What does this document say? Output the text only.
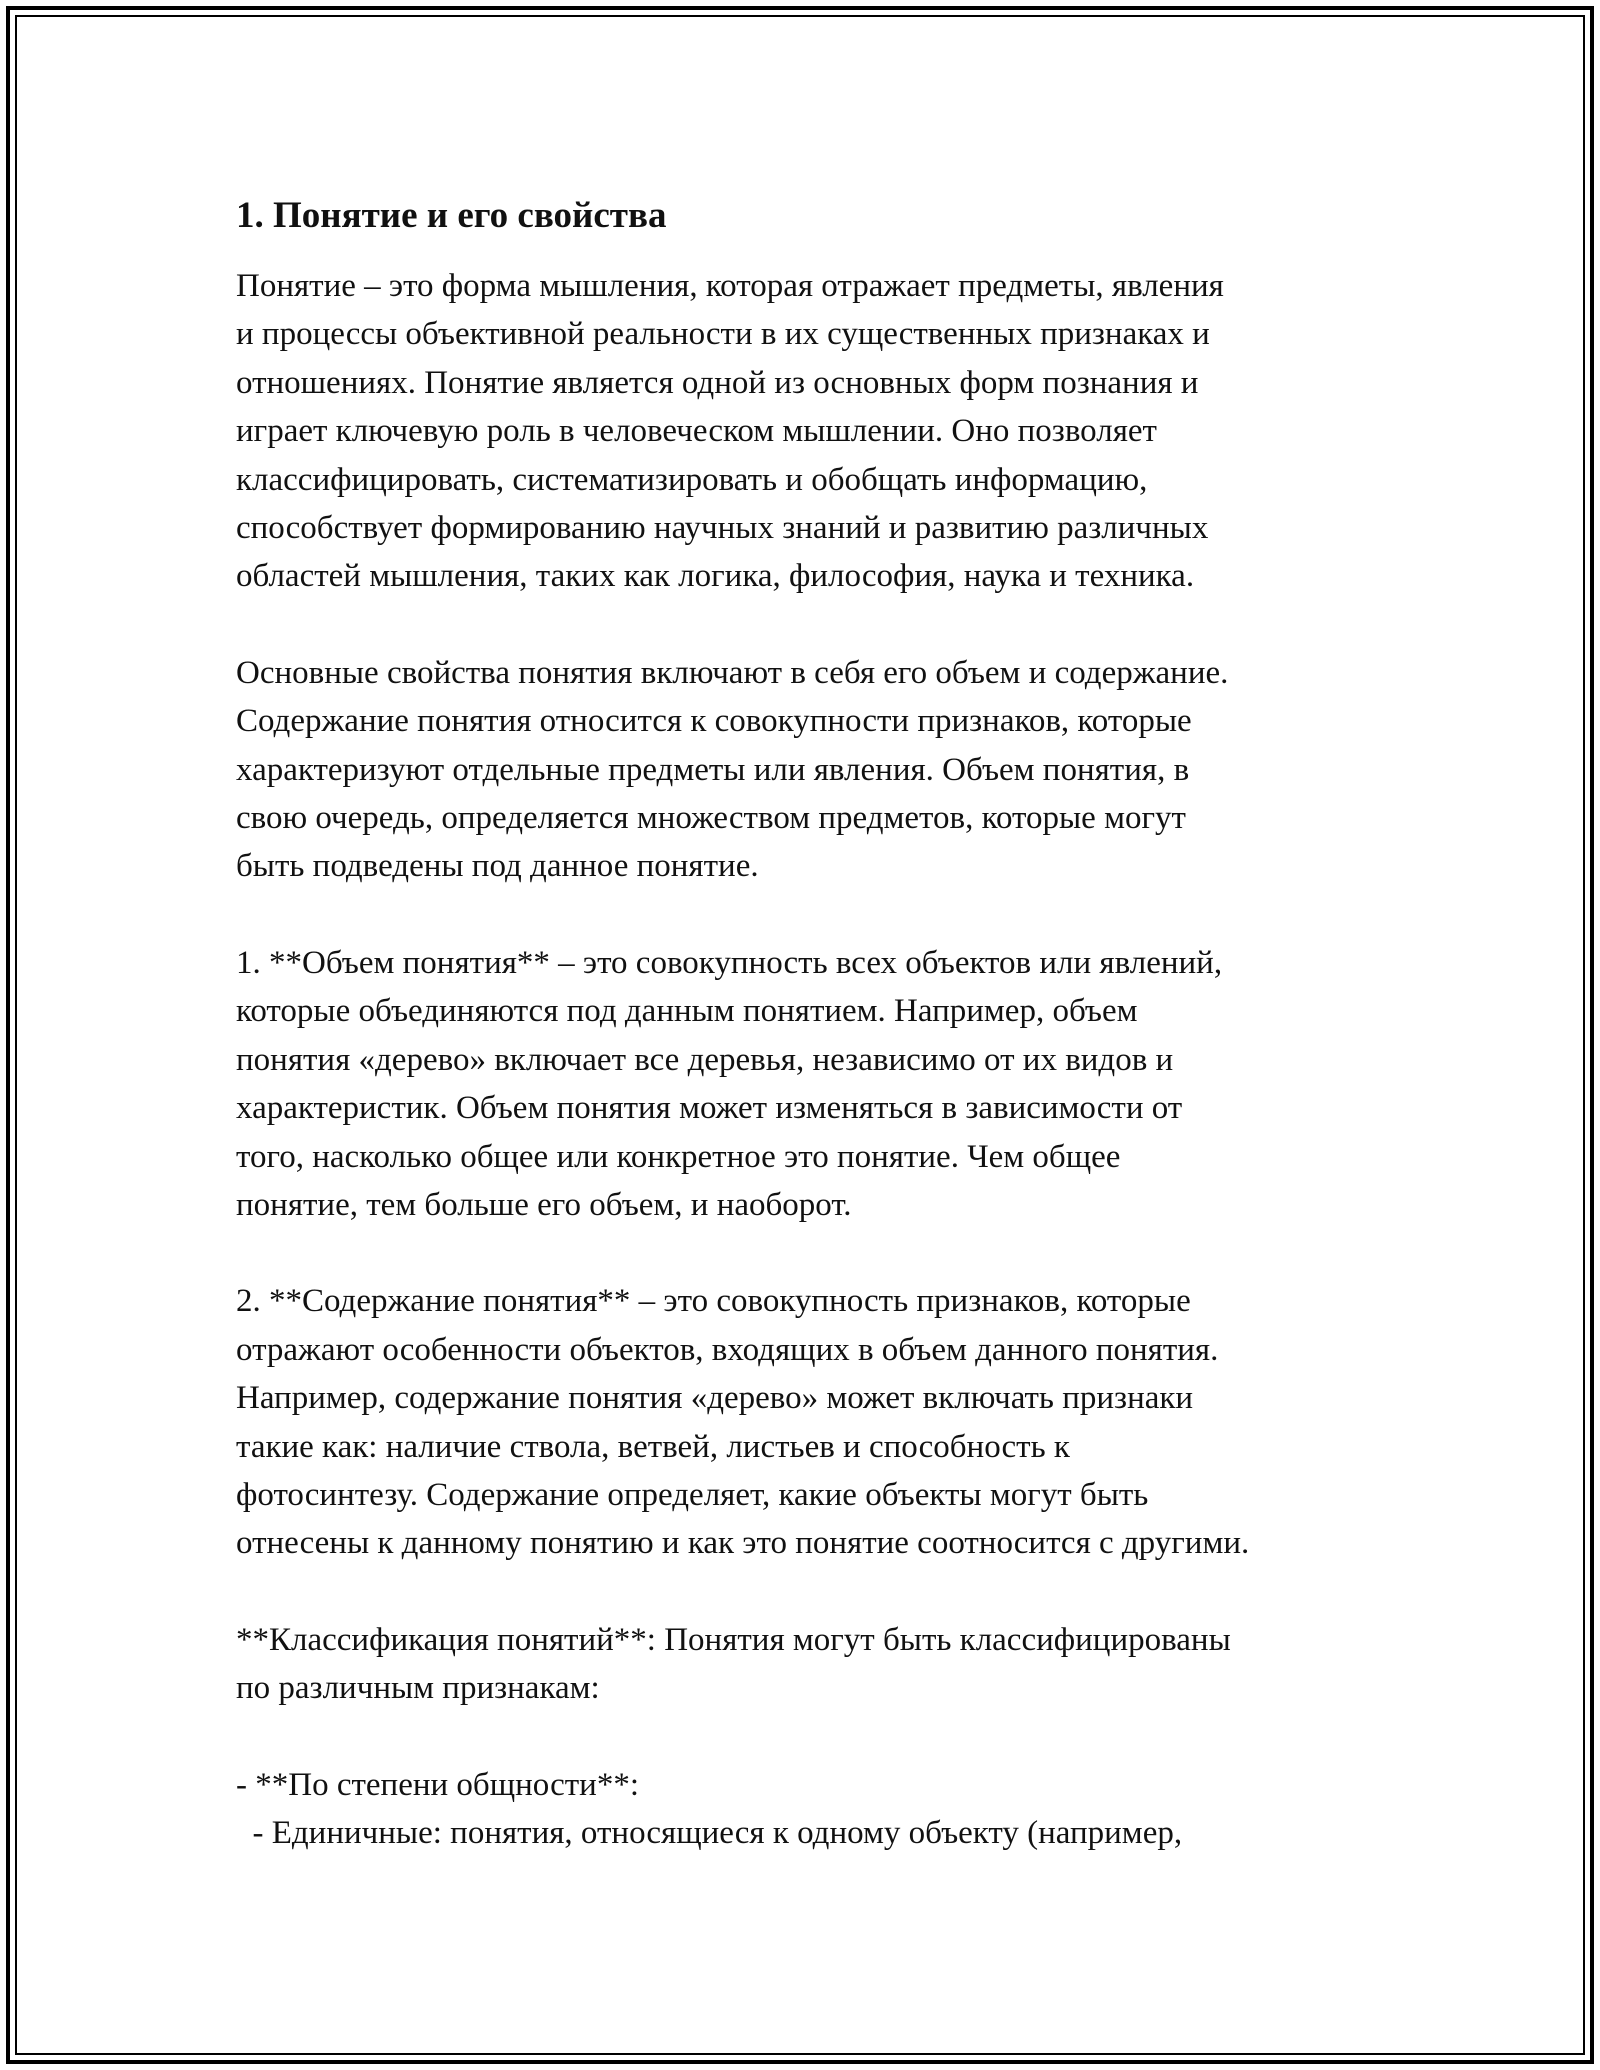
1. Понятие и его свойства

Понятие – это форма мышления, которая отражает предметы, явления
и процессы объективной реальности в их существенных признаках и
отношениях. Понятие является одной из основных форм познания и
играет ключевую роль в человеческом мышлении. Оно позволяет
классифицировать, систематизировать и обобщать информацию,
способствует формированию научных знаний и развитию различных
областей мышления, таких как логика, философия, наука и техника.

Основные свойства понятия включают в себя его объем и содержание.
Содержание понятия относится к совокупности признаков, которые
характеризуют отдельные предметы или явления. Объем понятия, в
свою очередь, определяется множеством предметов, которые могут
быть подведены под данное понятие.

1. **Объем понятия** – это совокупность всех объектов или явлений,
которые объединяются под данным понятием. Например, объем
понятия «дерево» включает все деревья, независимо от их видов и
характеристик. Объем понятия может изменяться в зависимости от
того, насколько общее или конкретное это понятие. Чем общее
понятие, тем больше его объем, и наоборот.

2. **Содержание понятия** – это совокупность признаков, которые
отражают особенности объектов, входящих в объем данного понятия.
Например, содержание понятия «дерево» может включать признаки
такие как: наличие ствола, ветвей, листьев и способность к
фотосинтезу. Содержание определяет, какие объекты могут быть
отнесены к данному понятию и как это понятие соотносится с другими.

**Классификация понятий**: Понятия могут быть классифицированы
по различным признакам:

- **По степени общности**:
- Единичные: понятия, относящиеся к одному объекту (например,
